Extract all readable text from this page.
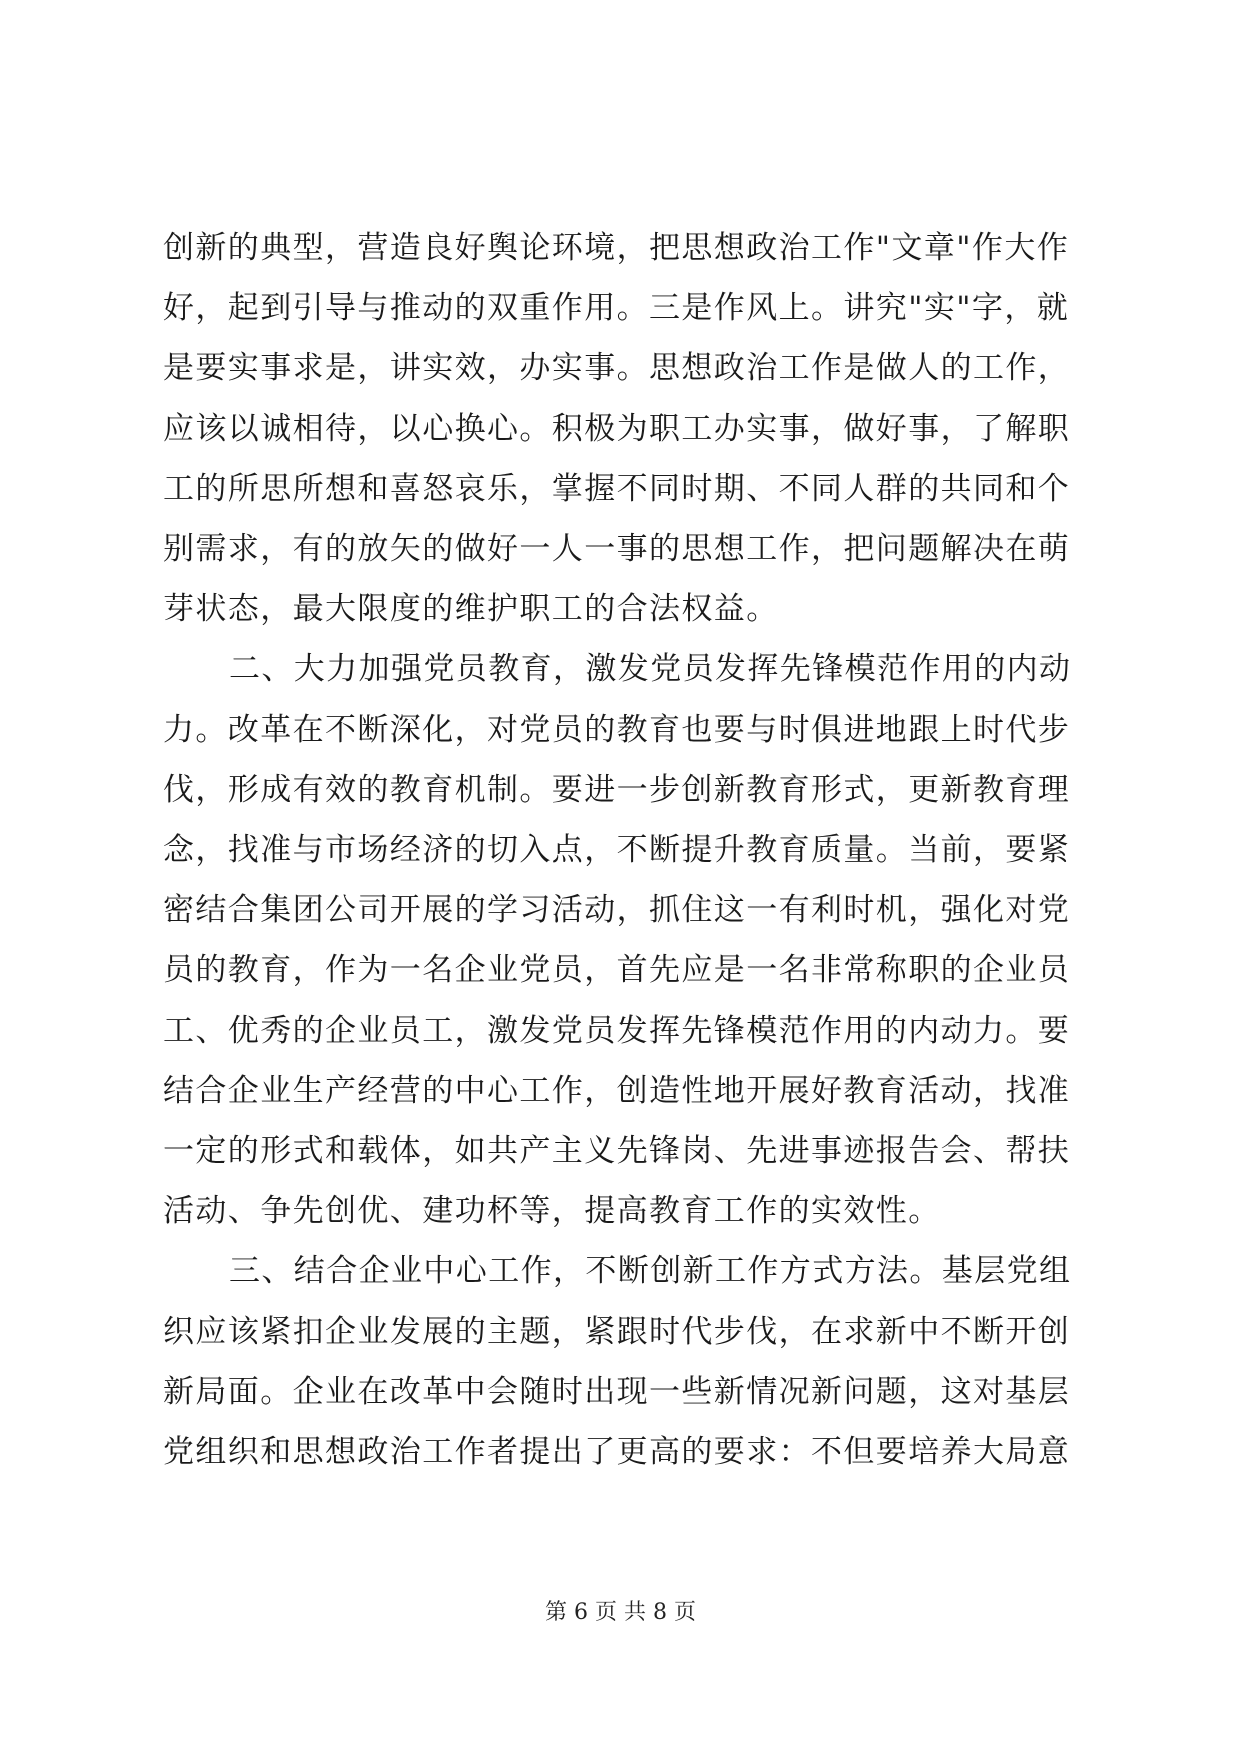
创新的典型，营造良好舆论环境，把思想政治工作"文章"作大作
好，起到引导与推动的双重作用。三是作风上。讲究"实"字，就
是要实事求是，讲实效，办实事。思想政治工作是做人的工作，
应该以诚相待，以心换心。积极为职工办实事，做好事，了解职
工的所思所想和喜怒哀乐，掌握不同时期、不同人群的共同和个
别需求，有的放矢的做好一人一事的思想工作，把问题解决在萌
芽状态，最大限度的维护职工的合法权益。
二、大力加强党员教育，激发党员发挥先锋模范作用的内动
力。改革在不断深化，对党员的教育也要与时俱进地跟上时代步
伐，形成有效的教育机制。要进一步创新教育形式，更新教育理
念，找准与市场经济的切入点，不断提升教育质量。当前，要紧
密结合集团公司开展的学习活动，抓住这一有利时机，强化对党
员的教育，作为一名企业党员，首先应是一名非常称职的企业员
工、优秀的企业员工，激发党员发挥先锋模范作用的内动力。要
结合企业生产经营的中心工作，创造性地开展好教育活动，找准
一定的形式和载体，如共产主义先锋岗、先进事迹报告会、帮扶
活动、争先创优、建功杯等，提高教育工作的实效性。
三、结合企业中心工作，不断创新工作方式方法。基层党组
织应该紧扣企业发展的主题，紧跟时代步伐，在求新中不断开创
新局面。企业在改革中会随时出现一些新情况新问题，这对基层
党组织和思想政治工作者提出了更高的要求：不但要培养大局意
第 6 页 共 8 页
